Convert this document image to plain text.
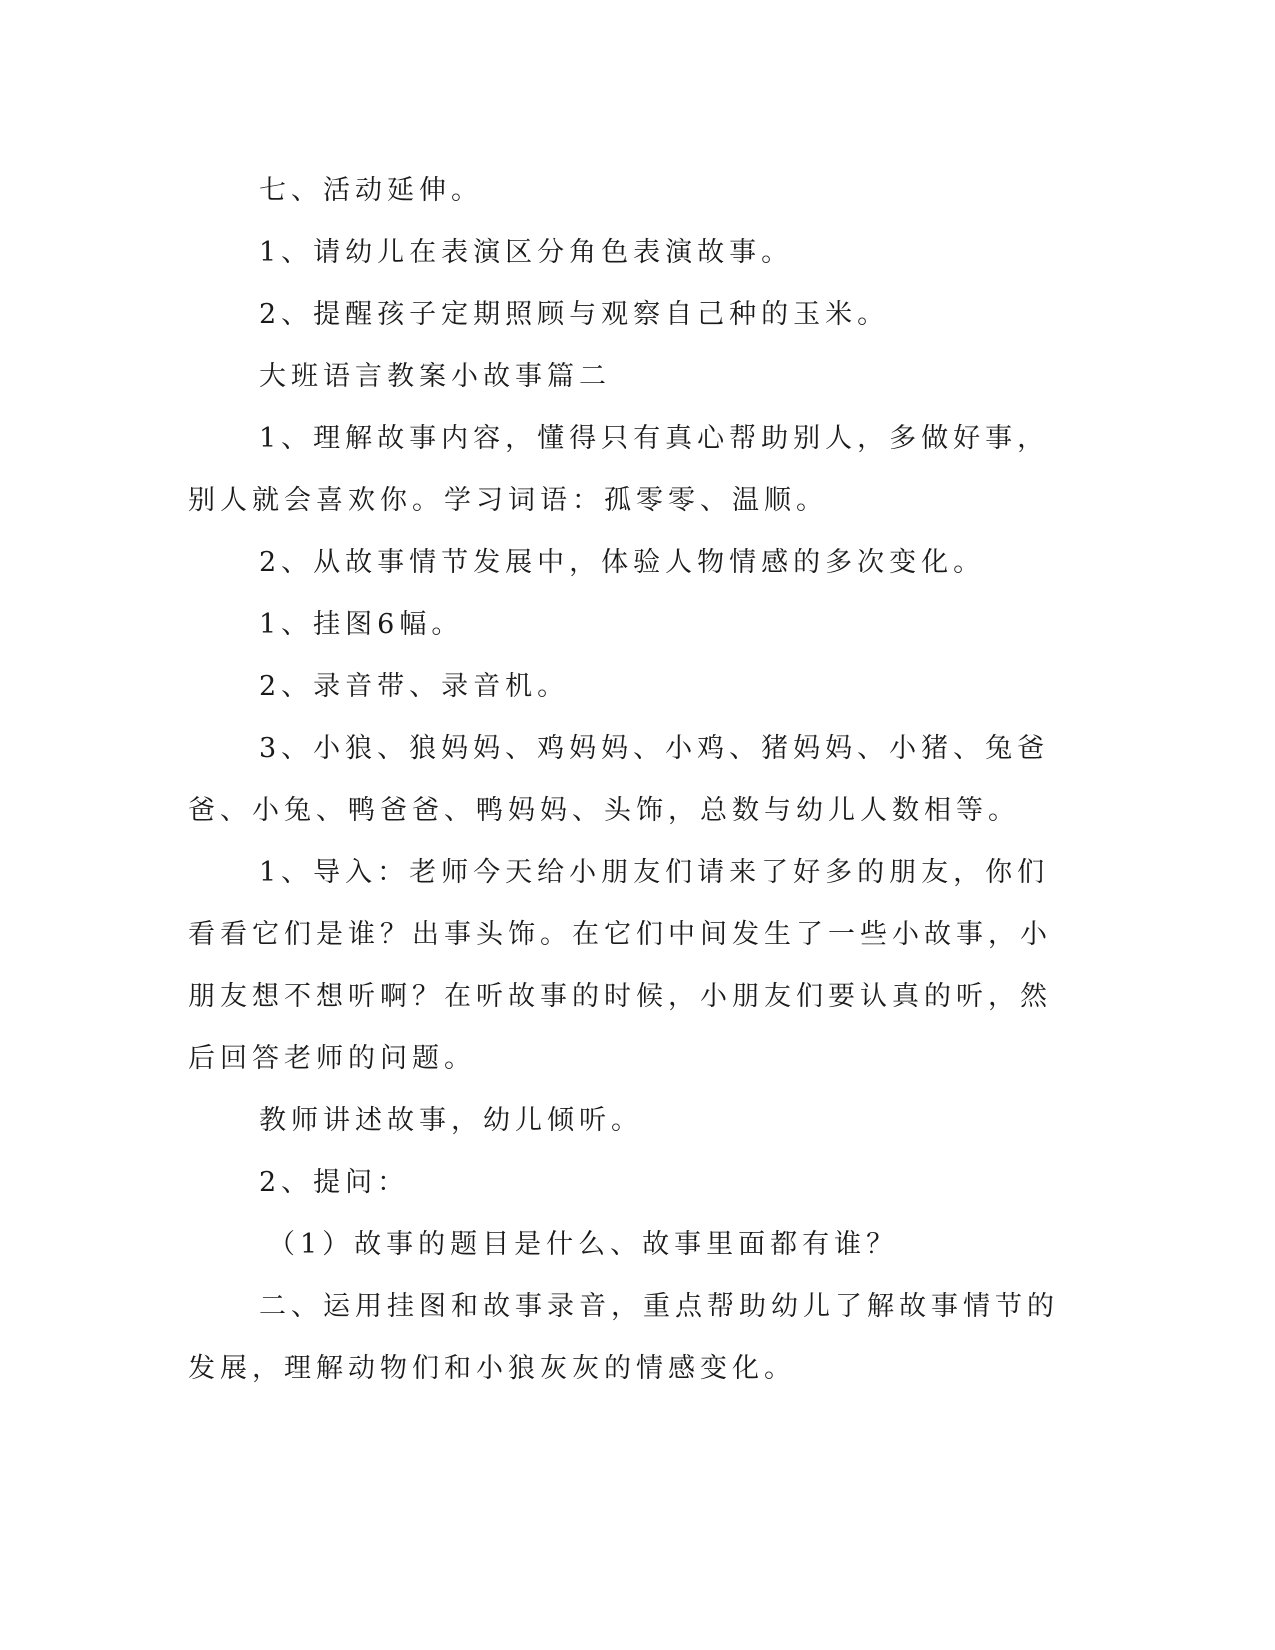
七、活动延伸。

1、请幼儿在表演区分角色表演故事。

2、提醒孩子定期照顾与观察自己种的玉米。

大班语言教案小故事篇二

1、理解故事内容，懂得只有真心帮助别人，多做好事，别人就会喜欢你。学习词语：孤零零、温顺。

2、从故事情节发展中，体验人物情感的多次变化。

1、挂图6幅。

2、录音带、录音机。

3、小狼、狼妈妈、鸡妈妈、小鸡、猪妈妈、小猪、兔爸爸、小兔、鸭爸爸、鸭妈妈、头饰，总数与幼儿人数相等。

1、导入：老师今天给小朋友们请来了好多的朋友，你们看看它们是谁？出事头饰。在它们中间发生了一些小故事，小朋友想不想听啊？在听故事的时候，小朋友们要认真的听，然后回答老师的问题。

教师讲述故事，幼儿倾听。

2、提问：

（1）故事的题目是什么、故事里面都有谁？

二、运用挂图和故事录音，重点帮助幼儿了解故事情节的发展，理解动物们和小狼灰灰的情感变化。
